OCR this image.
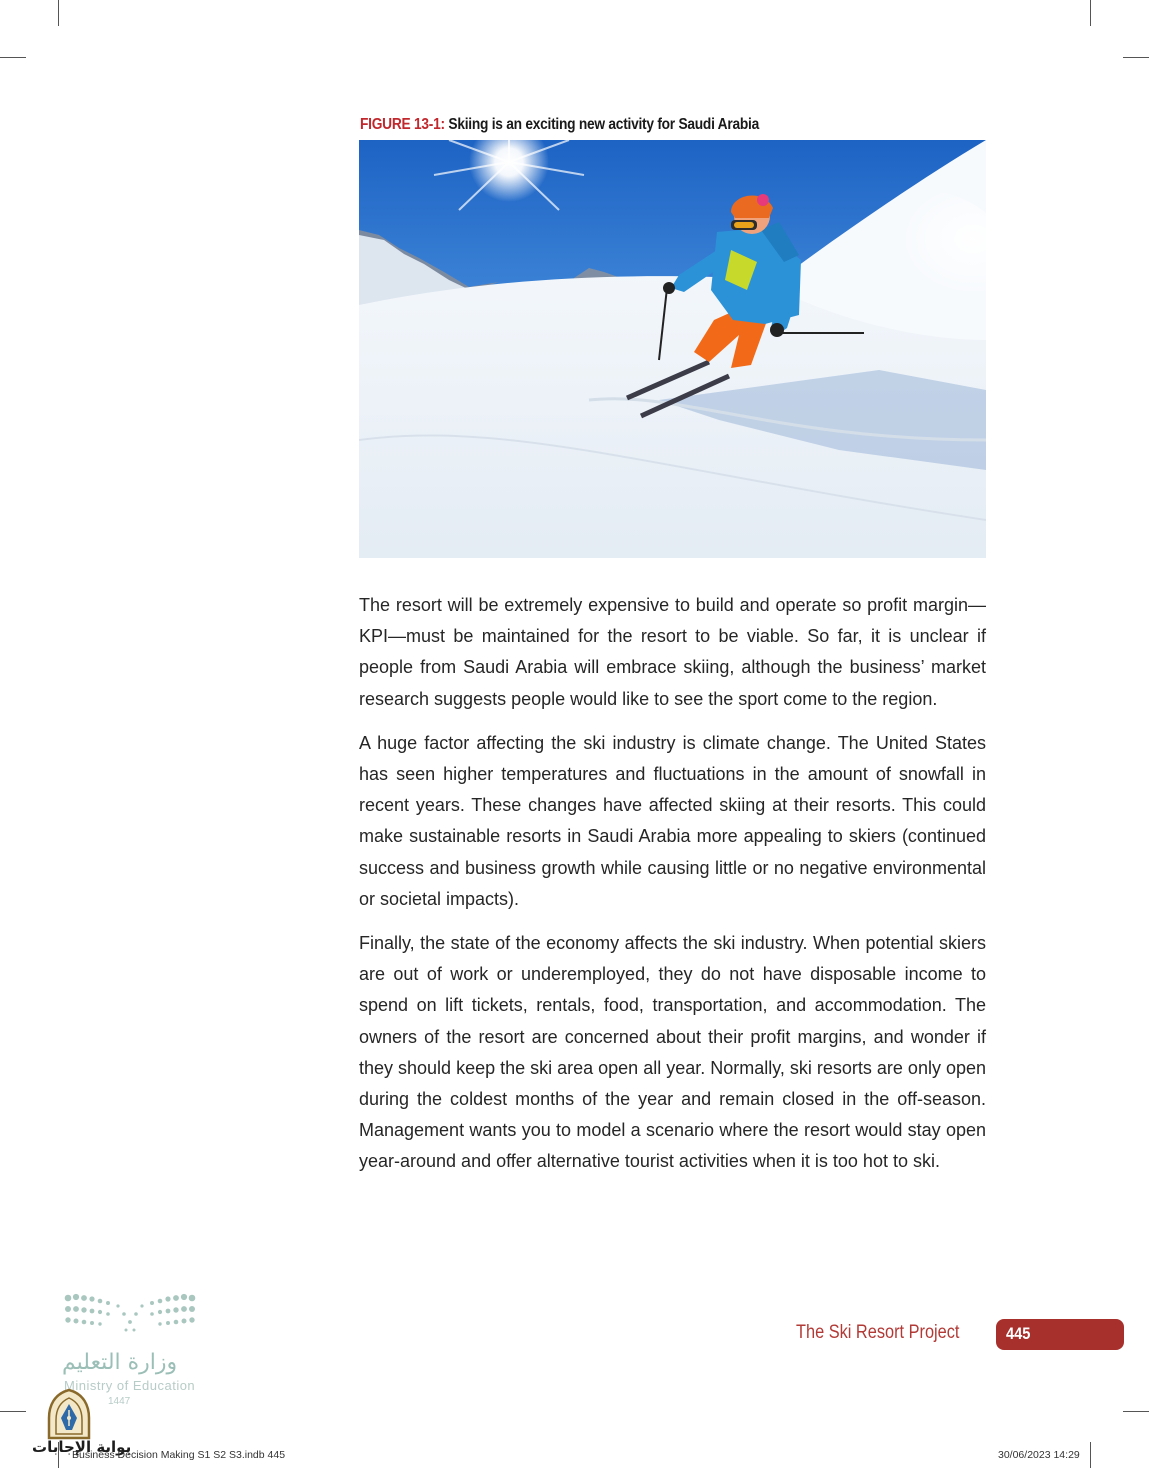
FIGURE 13-1: Skiing is an exciting new activity for Saudi Arabia

The resort will be extremely expensive to build and operate so profit margin—KPI—must be maintained for the resort to be viable. So far, it is unclear if people from Saudi Arabia will embrace skiing, although the business’ market research suggests people would like to see the sport come to the region.

A huge factor affecting the ski industry is climate change. The United States has seen higher temperatures and fluctuations in the amount of snowfall in recent years. These changes have affected skiing at their resorts. This could make sustainable resorts in Saudi Arabia more appealing to skiers (continued success and business growth while causing little or no negative environmental or societal impacts).

Finally, the state of the economy affects the ski industry. When potential skiers are out of work or underemployed, they do not have disposable income to spend on lift tickets, rentals, food, transportation, and accommodation. The owners of the resort are concerned about their profit margins, and wonder if they should keep the ski area open all year. Normally, ski resorts are only open during the coldest months of the year and remain closed in the off-season. Management wants you to model a scenario where the resort would stay open year-around and offer alternative tourist activities when it is too hot to ski.

The Ski Resort Project	445
وزارة التعليم
Ministry of Education
1447
بوابة الإجابات
Business Decision Making S1 S2 S3.indb 445	30/06/2023 14:29
